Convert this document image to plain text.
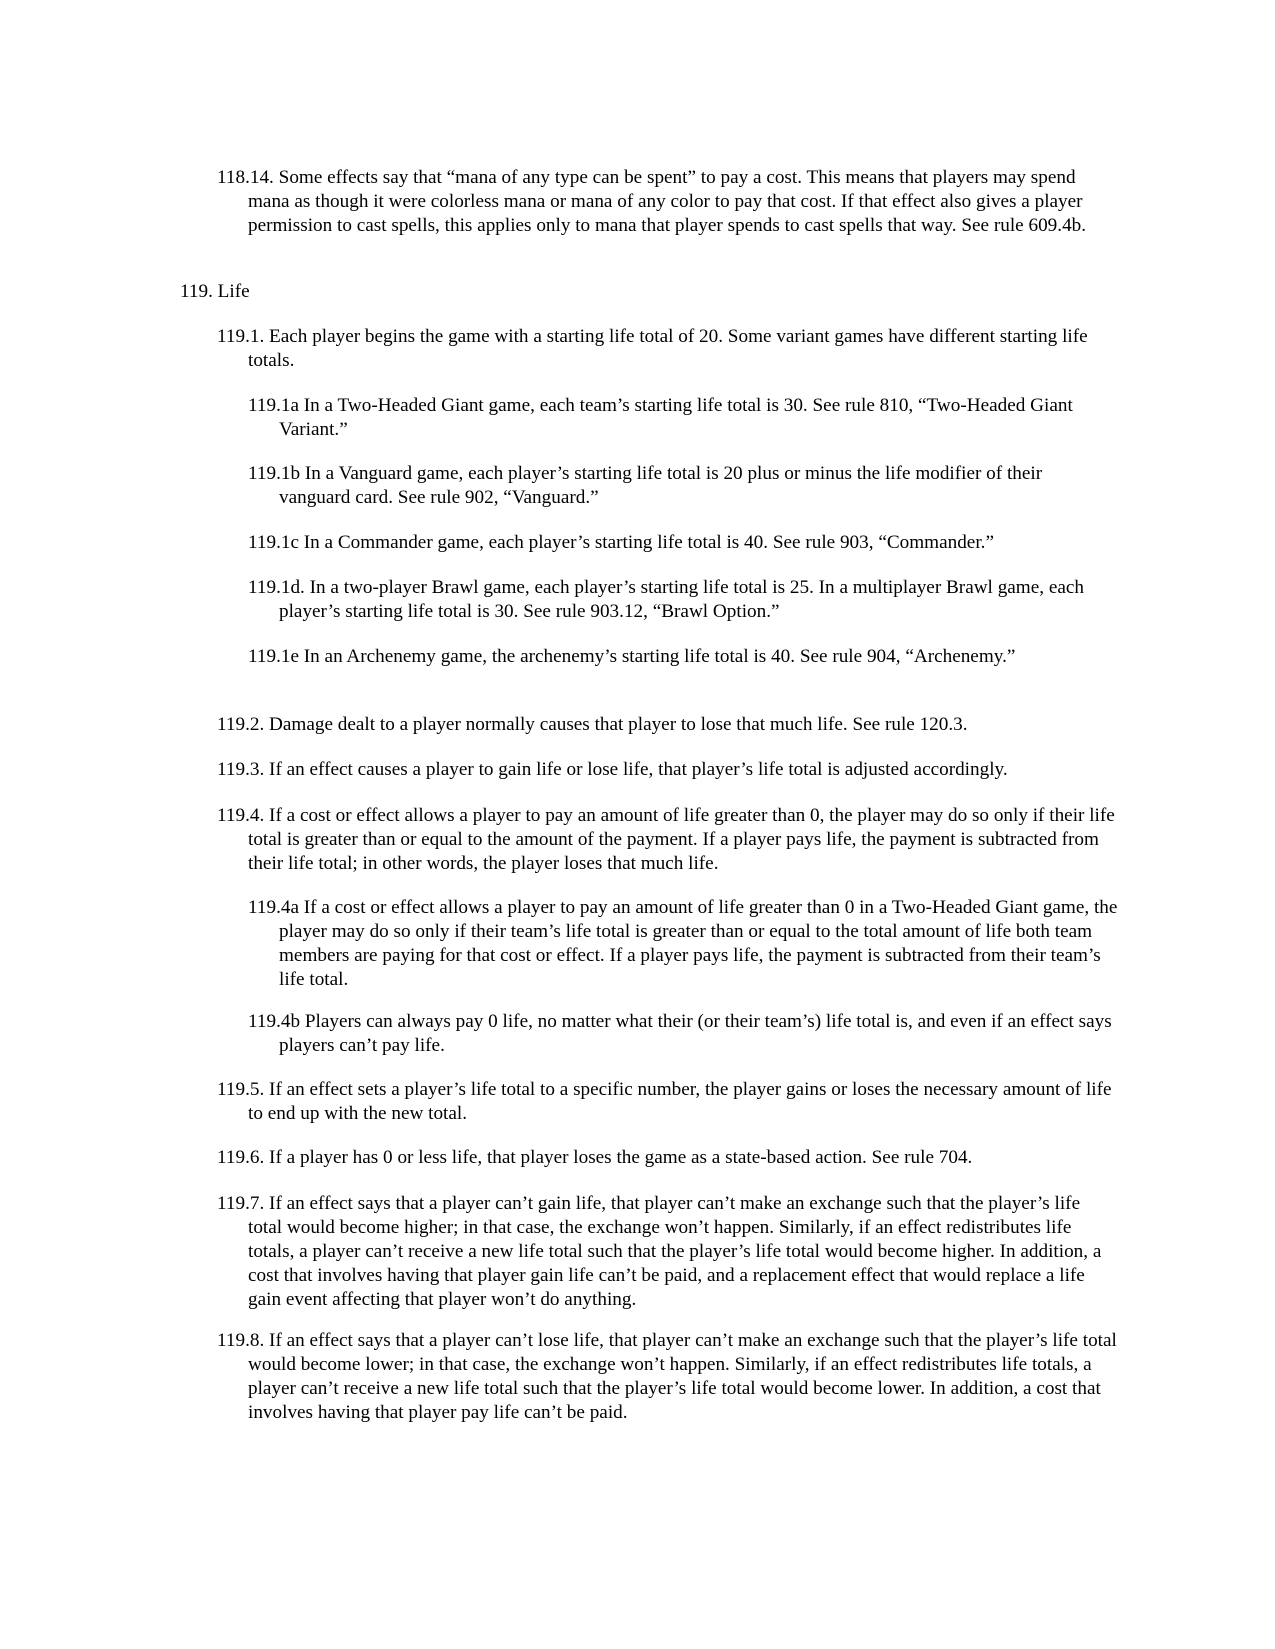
118.14. Some effects say that “mana of any type can be spent” to pay a cost. This means that players may spend mana as though it were colorless mana or mana of any color to pay that cost. If that effect also gives a player permission to cast spells, this applies only to mana that player spends to cast spells that way. See rule 609.4b.

119. Life

119.1. Each player begins the game with a starting life total of 20. Some variant games have different starting life totals.

119.1a In a Two-Headed Giant game, each team’s starting life total is 30. See rule 810, “Two-Headed Giant Variant.”

119.1b In a Vanguard game, each player’s starting life total is 20 plus or minus the life modifier of their vanguard card. See rule 902, “Vanguard.”

119.1c In a Commander game, each player’s starting life total is 40. See rule 903, “Commander.”

119.1d. In a two-player Brawl game, each player’s starting life total is 25. In a multiplayer Brawl game, each player’s starting life total is 30. See rule 903.12, “Brawl Option.”

119.1e In an Archenemy game, the archenemy’s starting life total is 40. See rule 904, “Archenemy.”

119.2. Damage dealt to a player normally causes that player to lose that much life. See rule 120.3.

119.3. If an effect causes a player to gain life or lose life, that player’s life total is adjusted accordingly.

119.4. If a cost or effect allows a player to pay an amount of life greater than 0, the player may do so only if their life total is greater than or equal to the amount of the payment. If a player pays life, the payment is subtracted from their life total; in other words, the player loses that much life.

119.4a If a cost or effect allows a player to pay an amount of life greater than 0 in a Two-Headed Giant game, the player may do so only if their team’s life total is greater than or equal to the total amount of life both team members are paying for that cost or effect. If a player pays life, the payment is subtracted from their team’s life total.

119.4b Players can always pay 0 life, no matter what their (or their team’s) life total is, and even if an effect says players can’t pay life.

119.5. If an effect sets a player’s life total to a specific number, the player gains or loses the necessary amount of life to end up with the new total.

119.6. If a player has 0 or less life, that player loses the game as a state-based action. See rule 704.

119.7. If an effect says that a player can’t gain life, that player can’t make an exchange such that the player’s life total would become higher; in that case, the exchange won’t happen. Similarly, if an effect redistributes life totals, a player can’t receive a new life total such that the player’s life total would become higher. In addition, a cost that involves having that player gain life can’t be paid, and a replacement effect that would replace a life gain event affecting that player won’t do anything.

119.8. If an effect says that a player can’t lose life, that player can’t make an exchange such that the player’s life total would become lower; in that case, the exchange won’t happen. Similarly, if an effect redistributes life totals, a player can’t receive a new life total such that the player’s life total would become lower. In addition, a cost that involves having that player pay life can’t be paid.
